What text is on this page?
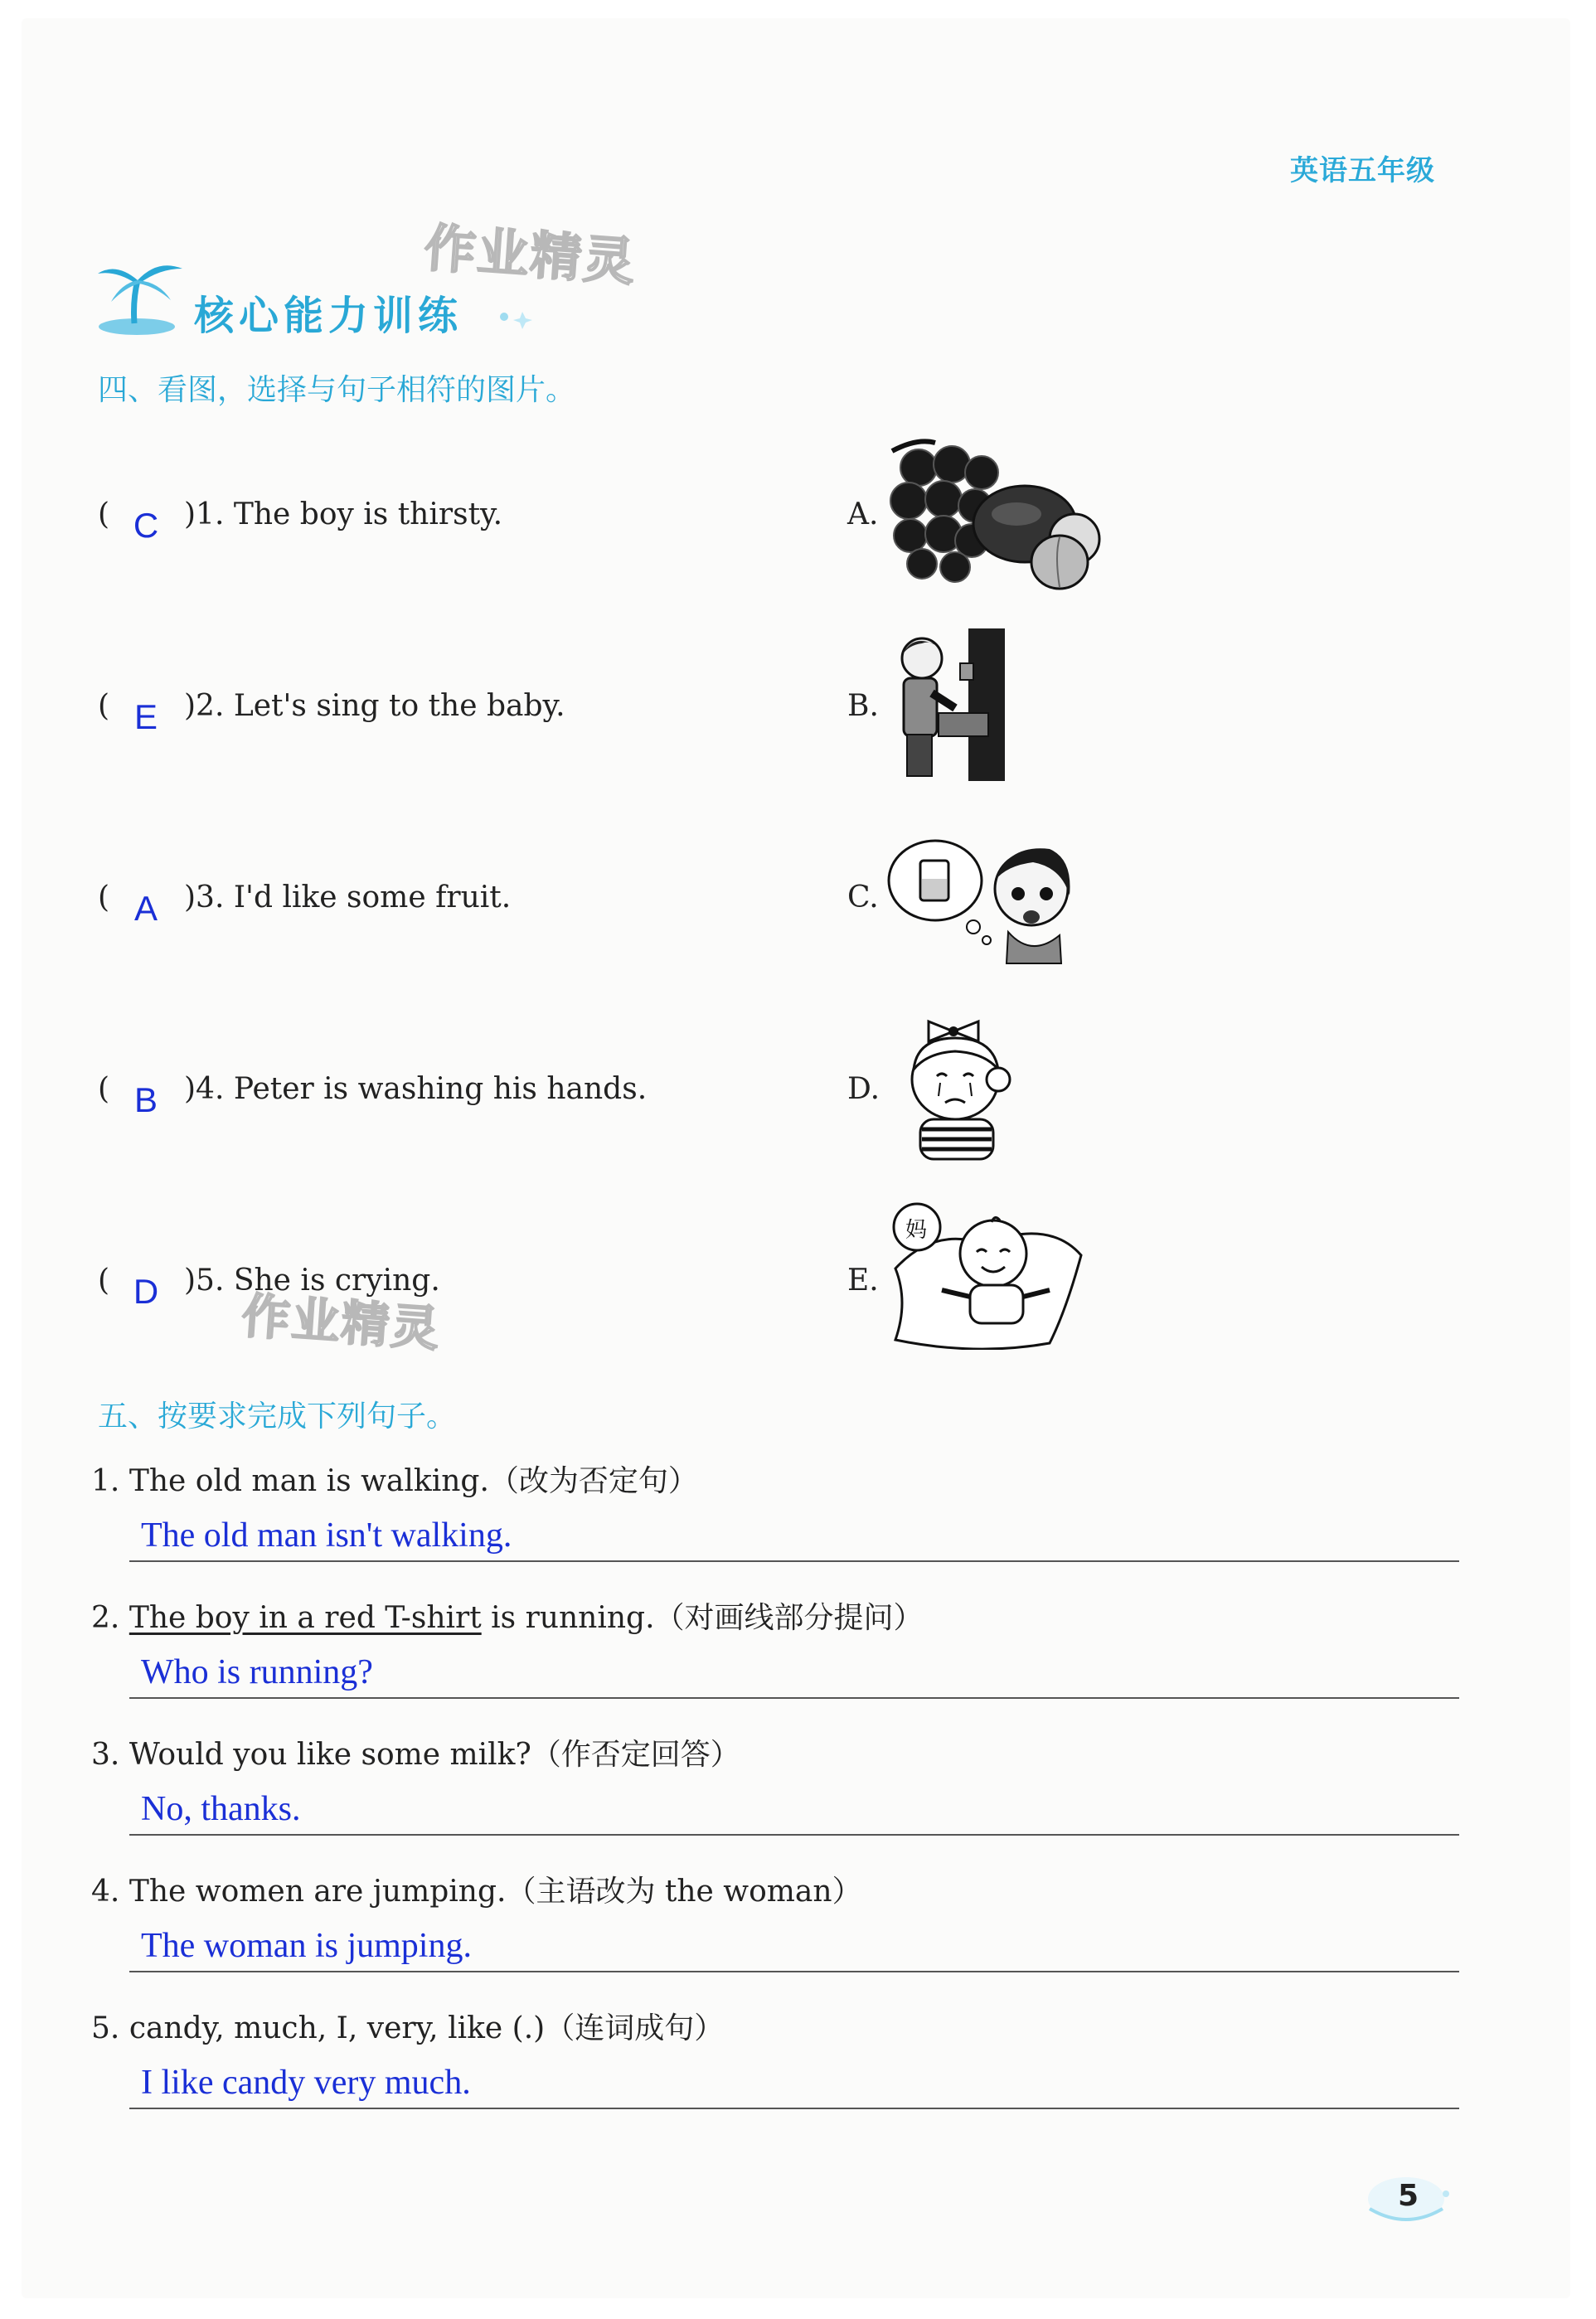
英语五年级
作业精灵
核心能力训练
四、看图，选择与句子相符的图片。
( C )1. The boy is thirsty.
( E )2. Let's sing to the baby.
( A )3. I'd like some fruit.
( B )4. Peter is washing his hands.
( D )5. She is crying.
作业精灵
A.
B.
C.
D.
E.
妈
五、按要求完成下列句子。
1. The old man is walking.（改为否定句）
The old man isn't walking.
2. The boy in a red T-shirt is running.（对画线部分提问）
Who is running?
3. Would you like some milk?（作否定回答）
No, thanks.
4. The women are jumping.（主语改为 the woman）
The woman is jumping.
5. candy, much, I, very, like (.)（连词成句）
I like candy very much.
5
